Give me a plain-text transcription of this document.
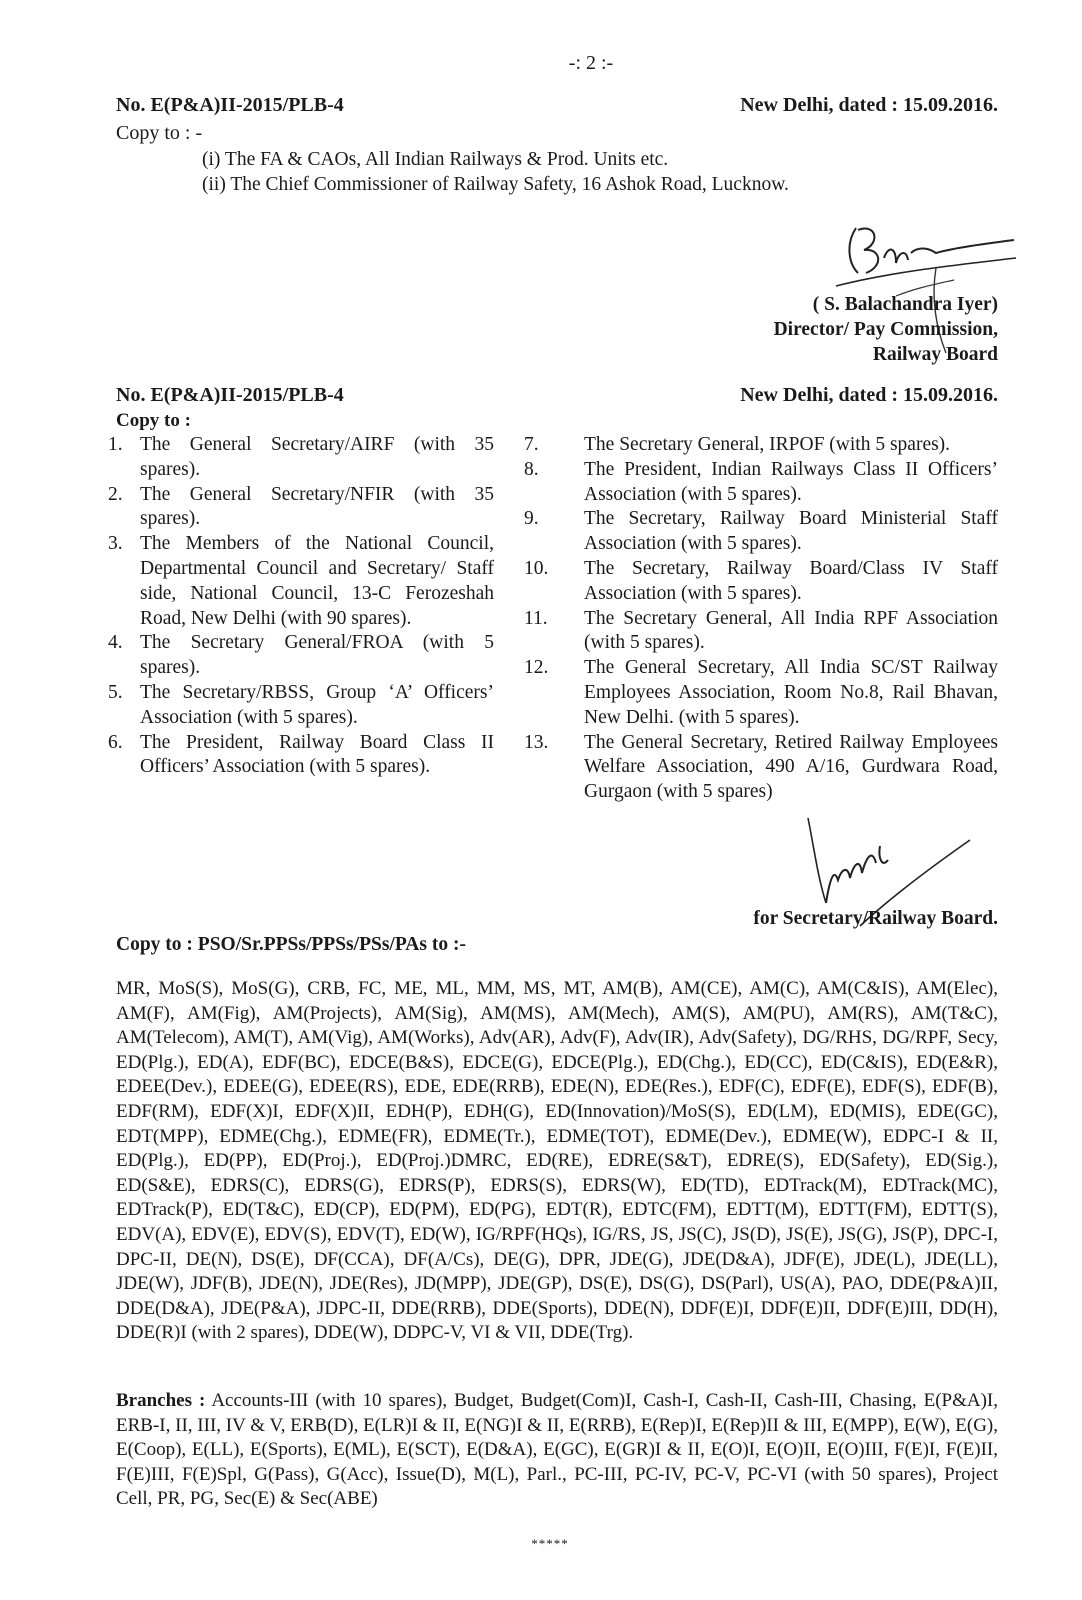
-: 2 :-
No. E(P&A)II-2015/PLB-4	New Delhi, dated : 15.09.2016.
Copy to : -
(i) The FA & CAOs, All Indian Railways & Prod. Units etc.
(ii) The Chief Commissioner of Railway Safety, 16 Ashok Road, Lucknow.
( S. Balachandra Iyer)
Director/ Pay Commission,
Railway Board
No. E(P&A)II-2015/PLB-4	New Delhi, dated : 15.09.2016.
Copy to :
1. The General Secretary/AIRF (with 35 spares).
2. The General Secretary/NFIR (with 35 spares).
3. The Members of the National Council, Departmental Council and Secretary/ Staff side, National Council, 13-C Ferozeshah Road, New Delhi (with 90 spares).
4. The Secretary General/FROA (with 5 spares).
5. The Secretary/RBSS, Group ‘A’ Officers’ Association (with 5 spares).
6. The President, Railway Board Class II Officers’ Association (with 5 spares).
7.	The Secretary General, IRPOF (with 5 spares).
8.	The President, Indian Railways Class II Officers’ Association (with 5 spares).
9.	The Secretary, Railway Board Ministerial Staff Association (with 5 spares).
10.	The Secretary, Railway Board/Class IV Staff Association (with 5 spares).
11.	The Secretary General, All India RPF Association (with 5 spares).
12.	The General Secretary, All India SC/ST Railway Employees Association, Room No.8, Rail Bhavan, New Delhi. (with 5 spares).
13.	The General Secretary, Retired Railway Employees Welfare Association, 490 A/16, Gurdwara Road, Gurgaon (with 5 spares)
for Secretary/Railway Board.
Copy to : PSO/Sr.PPSs/PPSs/PSs/PAs to :-
MR, MoS(S), MoS(G), CRB, FC, ME, ML, MM, MS, MT, AM(B), AM(CE), AM(C), AM(C&IS), AM(Elec), AM(F), AM(Fig), AM(Projects), AM(Sig), AM(MS), AM(Mech), AM(S), AM(PU), AM(RS), AM(T&C), AM(Telecom), AM(T), AM(Vig), AM(Works), Adv(AR), Adv(F), Adv(IR), Adv(Safety), DG/RHS, DG/RPF, Secy, ED(Plg.), ED(A), EDF(BC), EDCE(B&S), EDCE(G), EDCE(Plg.), ED(Chg.), ED(CC), ED(C&IS), ED(E&R), EDEE(Dev.), EDEE(G), EDEE(RS), EDE, EDE(RRB), EDE(N), EDE(Res.), EDF(C), EDF(E), EDF(S), EDF(B), EDF(RM), EDF(X)I, EDF(X)II, EDH(P), EDH(G), ED(Innovation)/MoS(S), ED(LM), ED(MIS), EDE(GC), EDT(MPP), EDME(Chg.), EDME(FR), EDME(Tr.), EDME(TOT), EDME(Dev.), EDME(W), EDPC-I & II, ED(Plg.), ED(PP), ED(Proj.), ED(Proj.)DMRC, ED(RE), EDRE(S&T), EDRE(S), ED(Safety), ED(Sig.), ED(S&E), EDRS(C), EDRS(G), EDRS(P), EDRS(S), EDRS(W), ED(TD), EDTrack(M), EDTrack(MC), EDTrack(P), ED(T&C), ED(CP), ED(PM), ED(PG), EDT(R), EDTC(FM), EDTT(M), EDTT(FM), EDTT(S), EDV(A), EDV(E), EDV(S), EDV(T), ED(W), IG/RPF(HQs), IG/RS, JS, JS(C), JS(D), JS(E), JS(G), JS(P), DPC-I, DPC-II, DE(N), DS(E), DF(CCA), DF(A/Cs), DE(G), DPR, JDE(G), JDE(D&A), JDF(E), JDE(L), JDE(LL), JDE(W), JDF(B), JDE(N), JDE(Res), JD(MPP), JDE(GP), DS(E), DS(G), DS(Parl), US(A), PAO, DDE(P&A)II, DDE(D&A), JDE(P&A), JDPC-II, DDE(RRB), DDE(Sports), DDE(N), DDF(E)I, DDF(E)II, DDF(E)III, DD(H), DDE(R)I (with 2 spares), DDE(W), DDPC-V, VI & VII, DDE(Trg).
Branches : Accounts-III (with 10 spares), Budget, Budget(Com)I, Cash-I, Cash-II, Cash-III, Chasing, E(P&A)I, ERB-I, II, III, IV & V, ERB(D), E(LR)I & II, E(NG)I & II, E(RRB), E(Rep)I, E(Rep)II & III, E(MPP), E(W), E(G), E(Coop), E(LL), E(Sports), E(ML), E(SCT), E(D&A), E(GC), E(GR)I & II, E(O)I, E(O)II, E(O)III, F(E)I, F(E)II, F(E)III, F(E)Spl, G(Pass), G(Acc), Issue(D), M(L), Parl., PC-III, PC-IV, PC-V, PC-VI (with 50 spares), Project Cell, PR, PG, Sec(E) & Sec(ABE)
*****
